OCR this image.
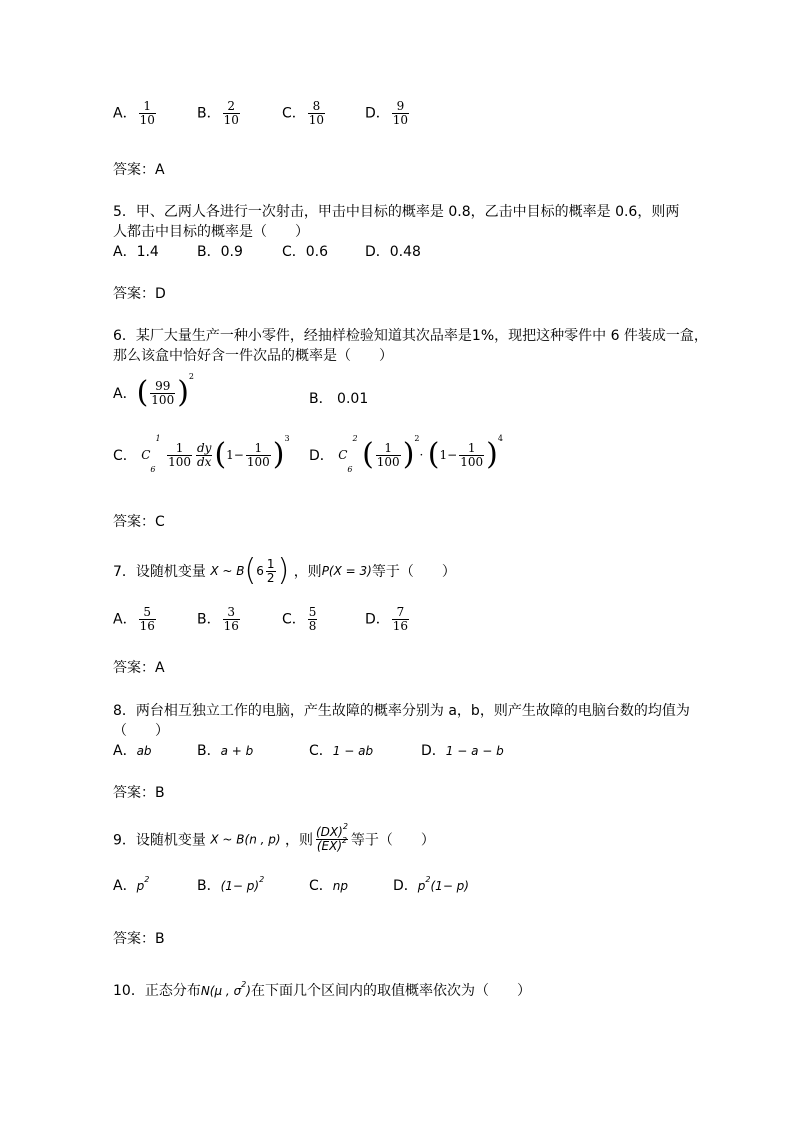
A． $\frac{1}{10}$	B． $\frac{2}{10}$	C． $\frac{8}{10}$	D． $\frac{9}{10}$
答案：A
5．甲、乙两人各进行一次射击，甲击中目标的概率是 0.8，乙击中目标的概率是 0.6，则两
人都击中目标的概率是（　　）
A．1.4	B．0.9	C．0.6	D．0.48
答案：D
6．某厂大量生产一种小零件，经抽样检验知道其次品率是1%，现把这种零件中 6 件装成一盒，
那么该盒中恰好含一件次品的概率是（　　）
A．( $\frac{99}{100} )^2$
B． 0.01
C． $C_6^1$
$\frac{1}{100} \frac{dy}{dx} (1- \frac{1}{100} )^3$
D． $C_6^2$ ( $\frac{1}{100} )^2\cdot (1- \frac{1}{100} )^4$
答案：C
7．设随机变量 X ~ $B(6 \frac{1}{2}$ ) ，则P(X = 3)等于（　　）
A． $\frac{5}{16}$	B． $\frac{3}{16}$	C． $\frac{5}{8}$	D． $\frac{7}{16}$
答案：A
8．两台相互独立工作的电脑，产生故障的概率分别为 a，b，则产生故障的电脑台数的均值为
（　　）
A．ab	B．a + b	C．1 − ab	D．1 − a − b
答案：B
9．设随机变量 X ~ B(n , p) ，则 $\frac{(DX)^2}{(EX)^2}$ 等于（　　）
A．$p^2$	B．$(1- p)^2$	C．np	D．$p^2(1- p)$
答案：B
10．正态分布N(μ , $\sigma^2$)在下面几个区间内的取值概率依次为（　　）
